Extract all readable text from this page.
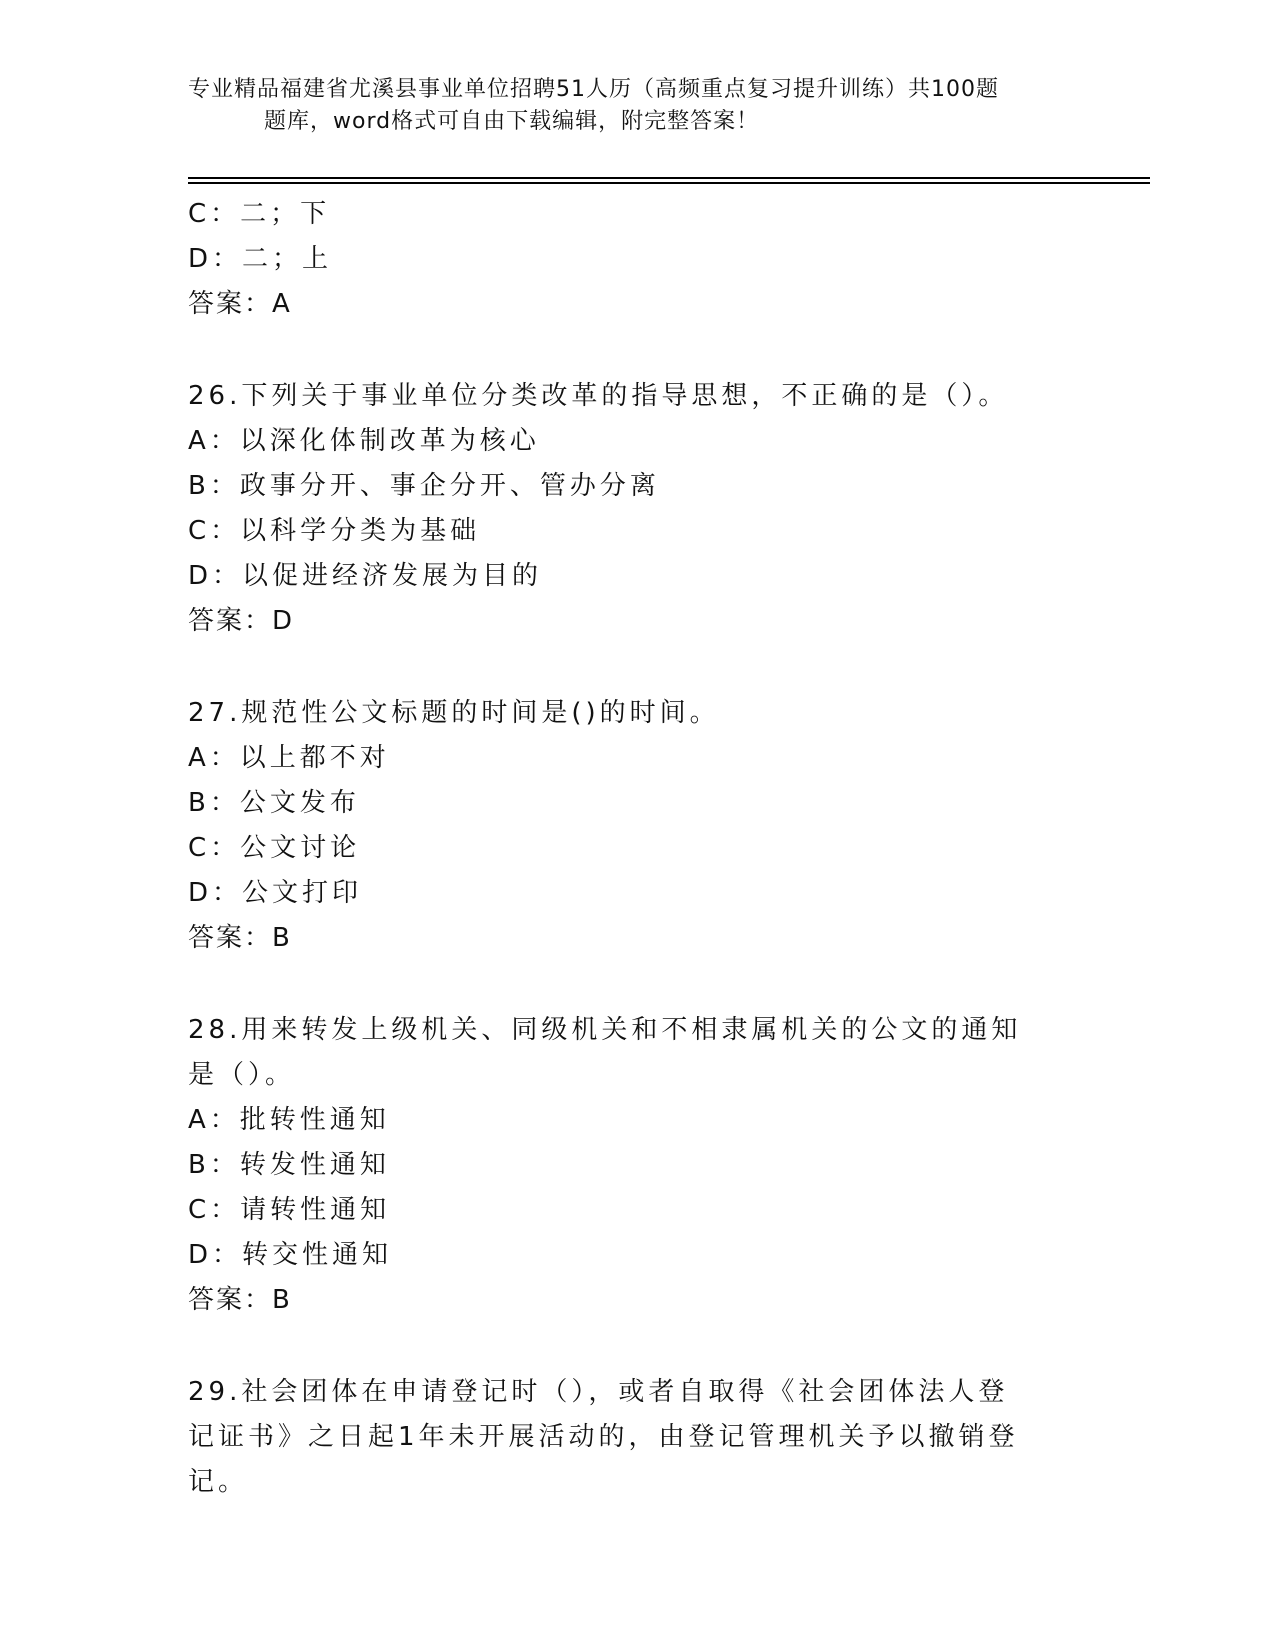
专业精品福建省尤溪县事业单位招聘51人历（高频重点复习提升训练）共100题
题库，word格式可自由下载编辑，附完整答案！
C：二；下
D：二；上
答案：A
26.下列关于事业单位分类改革的指导思想，不正确的是（）。
A：以深化体制改革为核心
B：政事分开、事企分开、管办分离
C：以科学分类为基础
D：以促进经济发展为目的
答案：D
27.规范性公文标题的时间是()的时间。
A：以上都不对
B：公文发布
C：公文讨论
D：公文打印
答案：B
28.用来转发上级机关、同级机关和不相隶属机关的公文的通知是（）。
A：批转性通知
B：转发性通知
C：请转性通知
D：转交性通知
答案：B
29.社会团体在申请登记时（），或者自取得《社会团体法人登记证书》之日起1年未开展活动的，由登记管理机关予以撤销登记。
